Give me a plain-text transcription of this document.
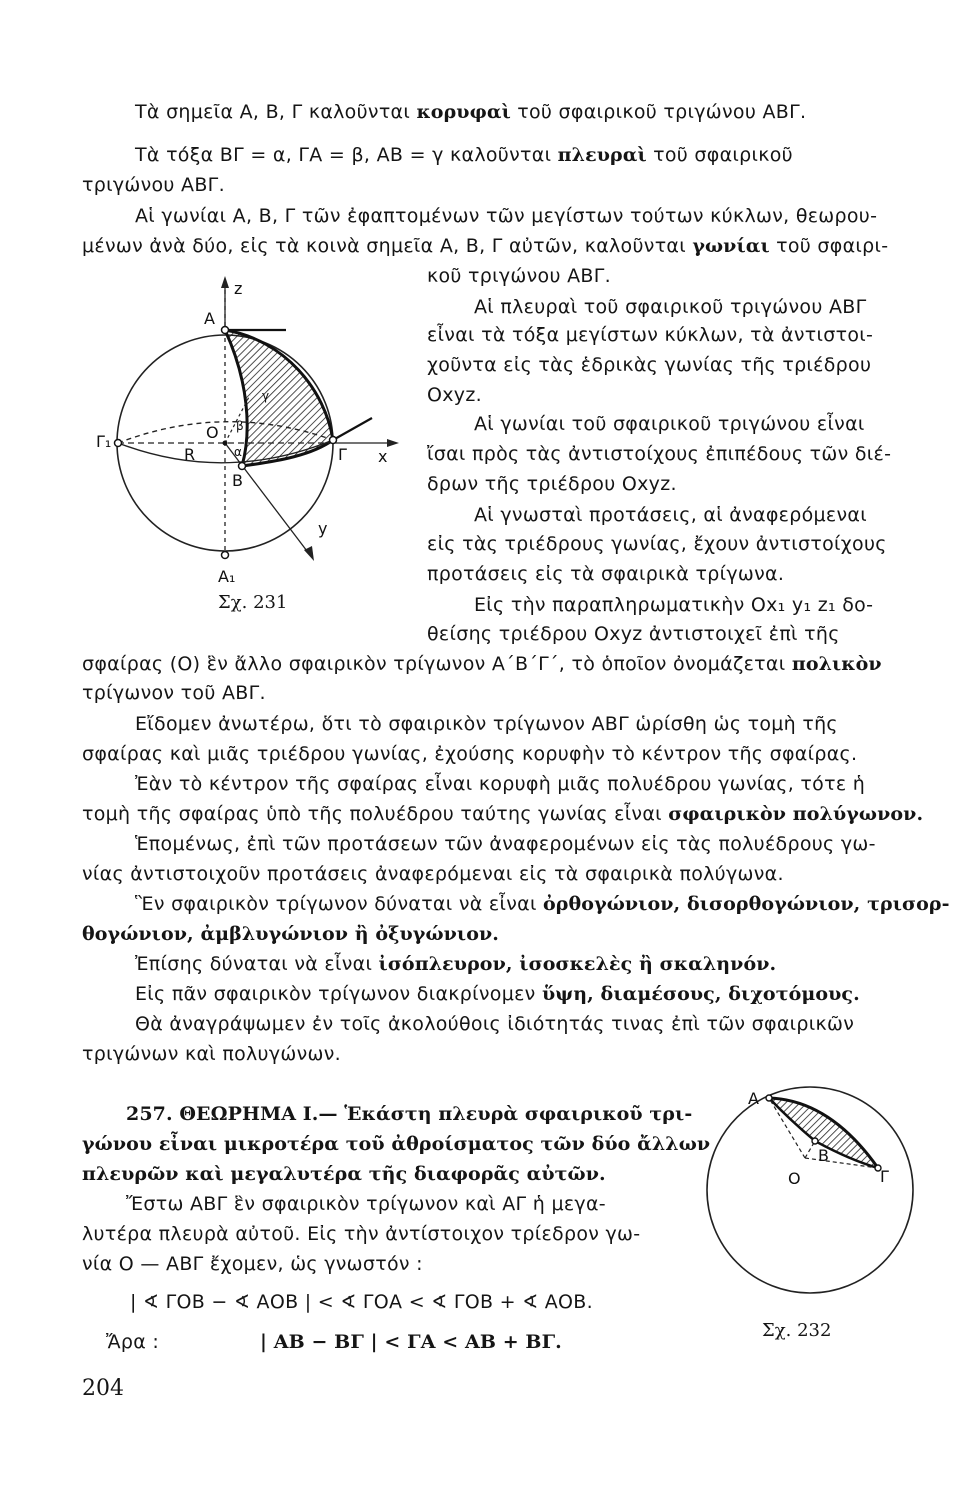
Τὰ σημεῖα Α, Β, Γ καλοῦνται κορυφαὶ τοῦ σφαιρικοῦ τριγώνου ΑΒΓ.
Τὰ τόξα ΒΓ = α, ΓΑ = β, ΑΒ = γ καλοῦνται πλευραὶ τοῦ σφαιρικοῦ
τριγώνου ΑΒΓ.
Αἱ γωνίαι Α, Β, Γ τῶν ἐφαπτομένων τῶν μεγίστων τούτων κύκλων, θεωρου-
μένων ἀνὰ δύο, εἰς τὰ κοινὰ σημεῖα Α, Β, Γ αὐτῶν, καλοῦνται γωνίαι τοῦ σφαιρι-
κοῦ τριγώνου ΑΒΓ.
Αἱ πλευραὶ τοῦ σφαιρικοῦ τριγώνου ΑΒΓ
εἶναι τὰ τόξα μεγίστων κύκλων, τὰ ἀντιστοι-
χοῦντα εἰς τὰς ἑδρικὰς γωνίας τῆς τριέδρου
Οxyz.
Αἱ γωνίαι τοῦ σφαιρικοῦ τριγώνου εἶναι
ἴσαι πρὸς τὰς ἀντιστοίχους ἐπιπέδους τῶν διέ-
δρων τῆς τριέδρου Οxyz.
Αἱ γνωσταὶ προτάσεις, αἱ ἀναφερόμεναι
εἰς τὰς τριέδρους γωνίας, ἔχουν ἀντιστοίχους
προτάσεις εἰς τὰ σφαιρικὰ τρίγωνα.
Εἰς τὴν παραπληρωματικὴν Οx₁ y₁ z₁ δο-
θείσης τριέδρου Οxyz ἀντιστοιχεῖ ἐπὶ τῆς
σφαίρας (Ο) ἓν ἄλλο σφαιρικὸν τρίγωνον Α΄Β΄Γ΄, τὸ ὁποῖον ὀνομάζεται πολικὸν
τρίγωνον τοῦ ΑΒΓ.
Εἴδομεν ἀνωτέρω, ὅτι τὸ σφαιρικὸν τρίγωνον ΑΒΓ ὡρίσθη ὡς τομὴ τῆς
σφαίρας καὶ μιᾶς τριέδρου γωνίας, ἐχούσης κορυφὴν τὸ κέντρον τῆς σφαίρας.
Ἐὰν τὸ κέντρον τῆς σφαίρας εἶναι κορυφὴ μιᾶς πολυέδρου γωνίας, τότε ἡ
τομὴ τῆς σφαίρας ὑπὸ τῆς πολυέδρου ταύτης γωνίας εἶναι σφαιρικὸν πολύγωνον.
Ἑπομένως, ἐπὶ τῶν προτάσεων τῶν ἀναφερομένων εἰς τὰς πολυέδρους γω-
νίας ἀντιστοιχοῦν προτάσεις ἀναφερόμεναι εἰς τὰ σφαιρικὰ πολύγωνα.
Ἓν σφαιρικὸν τρίγωνον δύναται νὰ εἶναι ὀρθογώνιον, δισορθογώνιον, τρισορ-
θογώνιον, ἀμβλυγώνιον ἢ ὀξυγώνιον.
Ἐπίσης δύναται νὰ εἶναι ἰσόπλευρον, ἰσοσκελὲς ἢ σκαληνόν.
Εἰς πᾶν σφαιρικὸν τρίγωνον διακρίνομεν ὕψη, διαμέσους, διχοτόμους.
Θὰ ἀναγράψωμεν ἐν τοῖς ἀκολούθοις ἰδιότητάς τινας ἐπὶ τῶν σφαιρικῶν
τριγώνων καὶ πολυγώνων.
257. ΘΕΩΡΗΜΑ Ι.— Ἑκάστη πλευρὰ σφαιρικοῦ τρι-
γώνου εἶναι μικροτέρα τοῦ ἀθροίσματος τῶν δύο ἄλλων
πλευρῶν καὶ μεγαλυτέρα τῆς διαφορᾶς αὐτῶν.
Ἔστω ΑΒΓ ἓν σφαιρικὸν τρίγωνον καὶ ΑΓ ἡ μεγα-
λυτέρα πλευρὰ αὐτοῦ. Εἰς τὴν ἀντίστοιχον τρίεδρον γω-
νία Ο — ΑΒΓ ἔχομεν, ὡς γνωστόν :
| ∢ ΓΟΒ − ∢ ΑΟΒ | < ∢ ΓΟΑ < ∢ ΓΟΒ + ∢ ΑΟΒ.
Ἄρα :	| ΑΒ − ΒΓ | < ΓΑ < ΑΒ + ΒΓ.
z
Α
Γ₁	Ο
R
β
γ
α
Β
Γ x
y
Α₁
Σχ. 231
Α
Β
Ο	Γ
Σχ. 232
204
